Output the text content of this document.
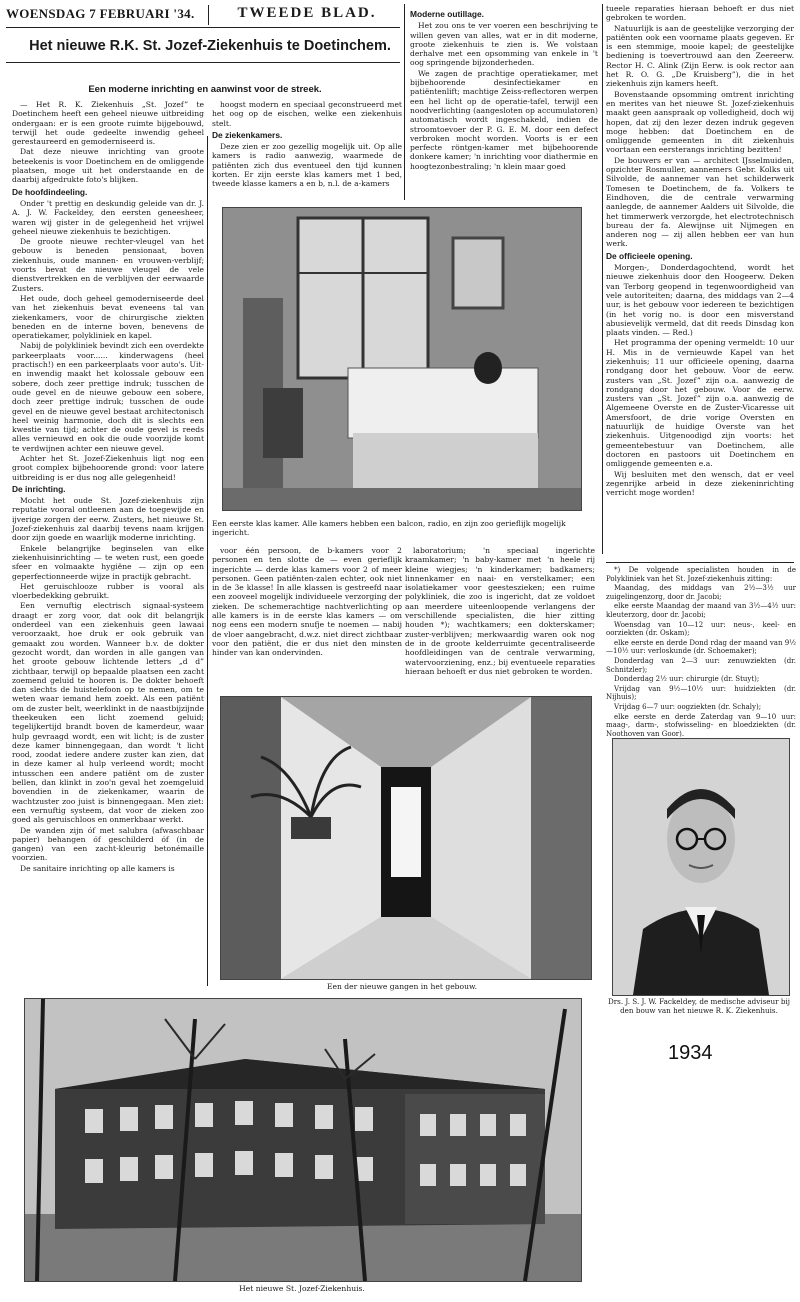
WOENSDAG 7 FEBRUARI '34.	TWEEDE BLAD.
Het nieuwe R.K. St. Jozef-Ziekenhuis te Doetinchem.
Een moderne inrichting en aanwinst voor de streek.

— Het R. K. Ziekenhuis „St. Jozef” te Doetinchem heeft een geheel nieuwe uitbreiding ondergaan: er is een groote ruimte bijgebouwd, terwijl het oude gedeelte inwendig geheel gerestaureerd en gemoderniseerd is.

Dat deze nieuwe inrichting van groote beteekenis is voor Doetinchem en de omliggende plaatsen, moge uit het onderstaande en de daarbij afgedrukte foto's blijken.

De hoofdindeeling.

Onder 't prettig en deskundig geleide van dr. J. A. J. W. Fackeldey, den eersten geneesheer, waren wij gister in de gelegenheid het vrijwel geheel nieuwe ziekenhuis te bezichtigen.

De groote nieuwe rechter-vleugel van het gebouw is beneden pensionaat, boven ziekenhuis, oude mannen- en vrouwen-verblijf; voorts bevat de nieuwe vleugel de vele dienstvertrekken en de verblijven der eerwaarde Zusters.

Het oude, doch geheel gemoderniseerde deel van het ziekenhuis bevat eveneens tal van ziekenkamers, voor de chirurgische ziekten beneden en de interne boven, benevens de operatiekamer, polykliniek en kapel.

Nabij de polykliniek bevindt zich een overdekte parkeerplaats voor...... kinderwagens (heel practisch!) en een parkeerplaats voor auto's. Uit- en inwendig maakt het kolossale gebouw een sobere, doch zeer prettige indruk; tusschen de oude gevel en de nieuwe gebouw een sobere, doch zeer prettige indruk; tusschen de oude gevel en de nieuwe gevel bestaat architectonisch heel weinig harmonie, doch dit is slechts een kwestie van tijd; achter de oude gevel is reeds alles vernieuwd en ook die oude voorzijde komt te verdwijnen achter een nieuwe gevel.

Achter het St. Jozef-Ziekenhuis ligt nog een groot complex bijbehoorende grond: voor latere uitbreiding is er dus nog alle gelegenheid!

De inrichting.

Mocht het oude St. Jozef-ziekenhuis zijn reputatie vooral ontleenen aan de toegewijde en ijverige zorgen der eerw. Zusters, het nieuwe St. Jozef-ziekenhuis zal daarbij tevens naam krijgen door zijn goede en waarlijk moderne inrichting.

Enkele belangrijke beginselen van elke ziekenhuisinrichting — te weten rust, een goede sfeer en volmaakte hygiëne — zijn op een geperfectionneerde wijze in practijk gebracht.

Het geruischlooze rubber is vooral als vloerbedekking gebruikt.

Een vernuftig electrisch signaal-systeem draagt er zorg voor, dat ook dit belangrijk onderdeel van een ziekenhuis geen lawaai veroorzaakt, hoe druk er ook gebruik van gemaakt zou worden. Wanneer b.v. de dokter gezocht wordt, dan worden in alle gangen van het groote gebouw lichtende letters „d d” zichtbaar, terwijl op bepaalde plaatsen een zacht zoemend geluid te hooren is. De dokter behoeft dan slechts de huistelefoon op te nemen, om te weten waar iemand hem zoekt. Als een patiënt om de zuster belt, weerklinkt in de naastbijzijnde theekeuken een licht zoemend geluid; tegelijkertijd brandt boven de kamerdeur, waar hulp gevraagd wordt, een wit licht; is de zuster deze kamer binnengegaan, dan wordt 't licht rood, zoodat iedere andere zuster kan zien, dat in deze kamer al hulp verleend wordt; mocht intusschen een andere patiënt om de zuster bellen, dan klinkt in zoo'n geval het zoemgeluid bovendien in de ziekenkamer, waarin de wachtzuster zoo juist is binnengegaan. Men ziet: een vernuftig systeem, dat voor de zieken zoo goed als geruischloos en onmerkbaar werkt.

De wanden zijn óf met salubra (afwaschbaar papier) behangen óf geschilderd óf (in de gangen) van een zacht-kleurig betonémaille voorzien.

De sanitaire inrichting op alle kamers is

hoogst modern en speciaal geconstrueerd met het oog op de eischen, welke een ziekenhuis stelt.

De ziekenkamers.

Deze zien er zoo gezellig mogelijk uit. Op alle kamers is radio aanwezig, waarmede de patiënten zich dus eventueel den tijd kunnen korten. Er zijn eerste klas kamers met 1 bed, tweede klasse kamers a en b, n.l. de a-kamers

Moderne outillage.

Het zou ons te ver voeren een beschrijving te willen geven van alles, wat er in dit moderne, groote ziekenhuis te zien is. We volstaan derhalve met een opsomming van enkele in 't oog springende bijzonderheden.

We zagen de prachtige operatiekamer, met bijbehoorende desinfectiekamer en patiëntenlift; machtige Zeiss-reflectoren werpen een hel licht op de operatie-tafel, terwijl een noodverlichting (aangesloten op accumulatoren) automatisch wordt ingeschakeld, indien de stroomtoevoer der P. G. E. M. door een defect verbroken mocht worden. Voorts is er een perfecte röntgen-kamer met bijbehoorende donkere kamer; 'n inrichting voor diathermie en hoogtezonbestraling; 'n klein maar goed

Een eerste klas kamer. Alle kamers hebben een balcon, radio, en zijn zoo gerieflijk mogelijk ingericht.

laboratorium; 'n speciaal ingerichte kraamkamer; 'n baby-kamer met 'n heele rij kleine wiegjes; 'n kinderkamer; badkamers; linnenkamer en naai- en verstelkamer; een isolatiekamer voor geesteszieken; een ruime polykliniek, die zoo is ingericht, dat ze voldoet aan meerdere uiteenloopende verlangens der verschillende specialisten, die hier zitting houden *); wachtkamers; een dokterskamer; zuster-verblijven; merkwaardig waren ook nog de in de groote kelderruimte gecentraliseerde hoofdleidingen van de centrale verwarming, watervoorziening, enz.; bij eventueele reparaties hieraan behoeft er dus niet gebroken te worden.

voor één persoon, de b-kamers voor 2 personen en ten slotte de — even gerieflijk ingerichte — derde klas kamers voor 2 of meer personen. Geen patiënten-zalen echter, ook niet in de 3e klasse! In alle klassen is gestreefd naar een zooveel mogelijk individueele verzorging der zieken. De schemerachtige nachtverlichting op alle kamers is in de eerste klas kamers — om nog eens een modern snufje te noemen — nabij de vloer aangebracht, d.w.z. niet direct zichtbaar voor den patiënt, die er dus niet den minsten hinder van kan ondervinden.

tueele reparaties hieraan behoeft er dus niet gebroken te worden.

Natuurlijk is aan de geestelijke verzorging der patiënten ook een voorname plaats gegeven. Er is een stemmige, mooie kapel; de geestelijke bediening is toevertrouwd aan den Zeereerw. Rector H. C. Alink (Zijn Eerw. is ook rector aan het R. O. G. „De Kruisberg”), die in het ziekenhuis zijn kamers heeft.

Bovenstaande opsomming omtrent inrichting en merites van het nieuwe St. Jozef-ziekenhuis maakt geen aanspraak op volledigheid, doch wij hopen, dat zij den lezer dezen indruk gegeven moge hebben: dat Doetinchem en de omliggende gemeenten in dit ziekenhuis voortaan een eersterangs inrichting bezitten!

De bouwers er van — architect IJsselmuiden, opzichter Rosmuller, aannemers Gebr. Kolks uit Silvolde, de aannemer van het schilderwerk Tomesen te Doetinchem, de fa. Volkers te Eindhoven, die de centrale verwarming aanlegde, de aannemer Aalders uit Silvolde, die het timmerwerk verzorgde, het electrotechnisch bureau der fa. Alewijnse uit Nijmegen en anderen nog — zij allen hebben eer van hun werk.

De officieele opening.

Morgen-, Donderdagochtend, wordt het nieuwe ziekenhuis door den Hoogeerw. Deken van Terborg geopend in tegenwoordigheid van vele autoriteiten; daarna, des middags van 2—4 uur, is het gebouw voor iedereen te bezichtigen (in het vorig no. is door een misverstand abusievelijk vermeld, dat dit reeds Dinsdag kon plaats vinden. — Red.)

Het programma der opening vermeldt: 10 uur H. Mis in de vernieuwde Kapel van het ziekenhuis; 11 uur officieele opening, daarna rondgang door het gebouw. Voor de eerw. zusters van „St. Jozef” zijn o.a. aanwezig de rondgang door het gebouw. Voor de eerw. zusters van „St. Jozef” zijn o.a. aanwezig de Algemeene Overste en de Zuster-Vicaresse uit Amersfoort, de drie vorige Oversten en natuurlijk de huidige Overste van het ziekenhuis. Uitgenoodigd zijn voorts: het gemeentebestuur van Doetinchem, alle doctoren en pastoors uit Doetinchem en omliggende gemeenten e.a.

Wij besluiten met den wensch, dat er veel zegenrijke arbeid in deze ziekeninrichting verricht moge worden!

*) De volgende specialisten houden in de Polykliniek van het St. Jozef-ziekenhuis zitting:

Maandag, des middags van 2½—3½ uur zuigelingenzorg, door dr. Jacobi;

elke eerste Maandag der maand van 3½—4½ uur: kleuterzorg, door dr. Jacobi;

Woensdag van 10—12 uur: neus-, keel- en oorziekten (dr. Oskam);

elke eerste en derde Dond rdag der maand van 9½—10½ uur: verloskunde (dr. Schoemaker);

Donderdag van 2—3 uur: zenuwziekten (dr. Schnitzler);

Donderdag 2½ uur: chirurgie (dr. Stuyt);

Vrijdag van 9½—10½ uur: huidziekten (dr. Nijhuis);

Vrijdag 6—7 uur: oogziekten (dr. Schaly);

elke eerste en derde Zaterdag van 9—10 uur: maag-, darm-, stofwisseling- en bloedziekten (dr. Noothoven van Goor).

Drs. J. S. J. W. Fackeldey, de medische adviseur bij den bouw van het nieuwe R. K. Ziekenhuis.
1934
Een der nieuwe gangen in het gebouw.
Het nieuwe St. Jozef-Ziekenhuis.
